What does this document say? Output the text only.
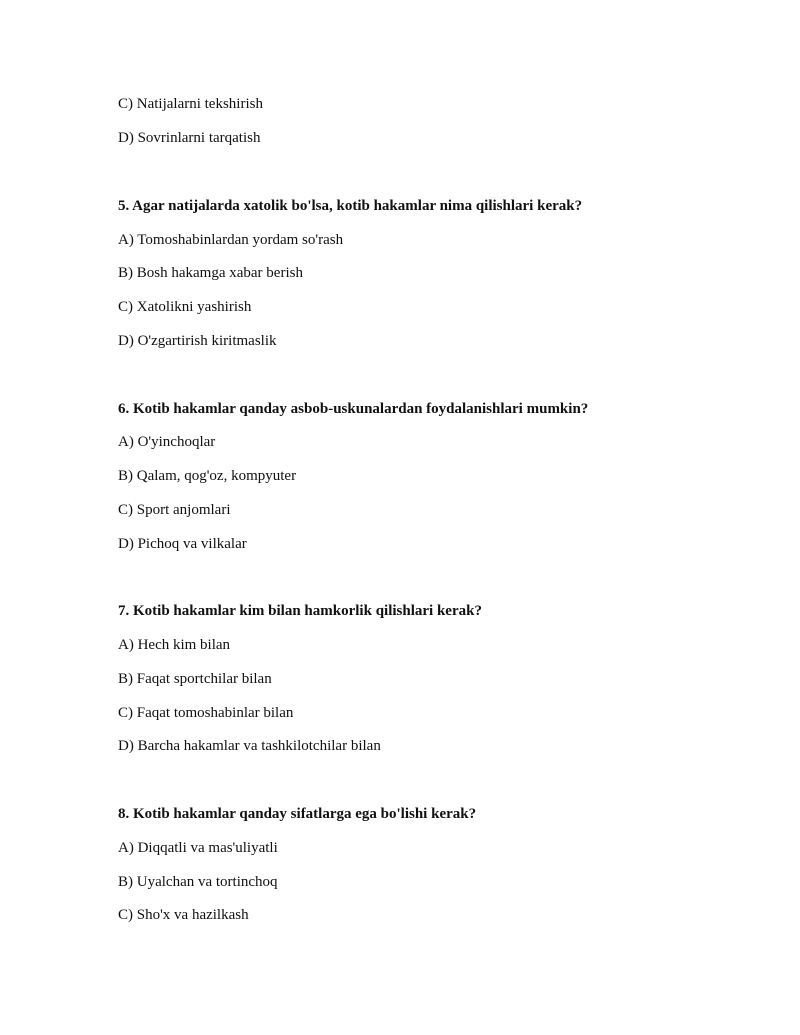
C) Natijalarni tekshirish
D) Sovrinlarni tarqatish
5. Agar natijalarda xatolik bo'lsa, kotib hakamlar nima qilishlari kerak?
A) Tomoshabinlardan yordam so'rash
B) Bosh hakamga xabar berish
C) Xatolikni yashirish
D) O'zgartirish kiritmaslik
6. Kotib hakamlar qanday asbob-uskunalardan foydalanishlari mumkin?
A) O'yinchoqlar
B) Qalam, qog'oz, kompyuter
C) Sport anjomlari
D) Pichoq va vilkalar
7. Kotib hakamlar kim bilan hamkorlik qilishlari kerak?
A) Hech kim bilan
B) Faqat sportchilar bilan
C) Faqat tomoshabinlar bilan
D) Barcha hakamlar va tashkilotchilar bilan
8. Kotib hakamlar qanday sifatlarga ega bo'lishi kerak?
A) Diqqatli va mas'uliyatli
B) Uyalchan va tortinchoq
C) Sho'x va hazilkash
